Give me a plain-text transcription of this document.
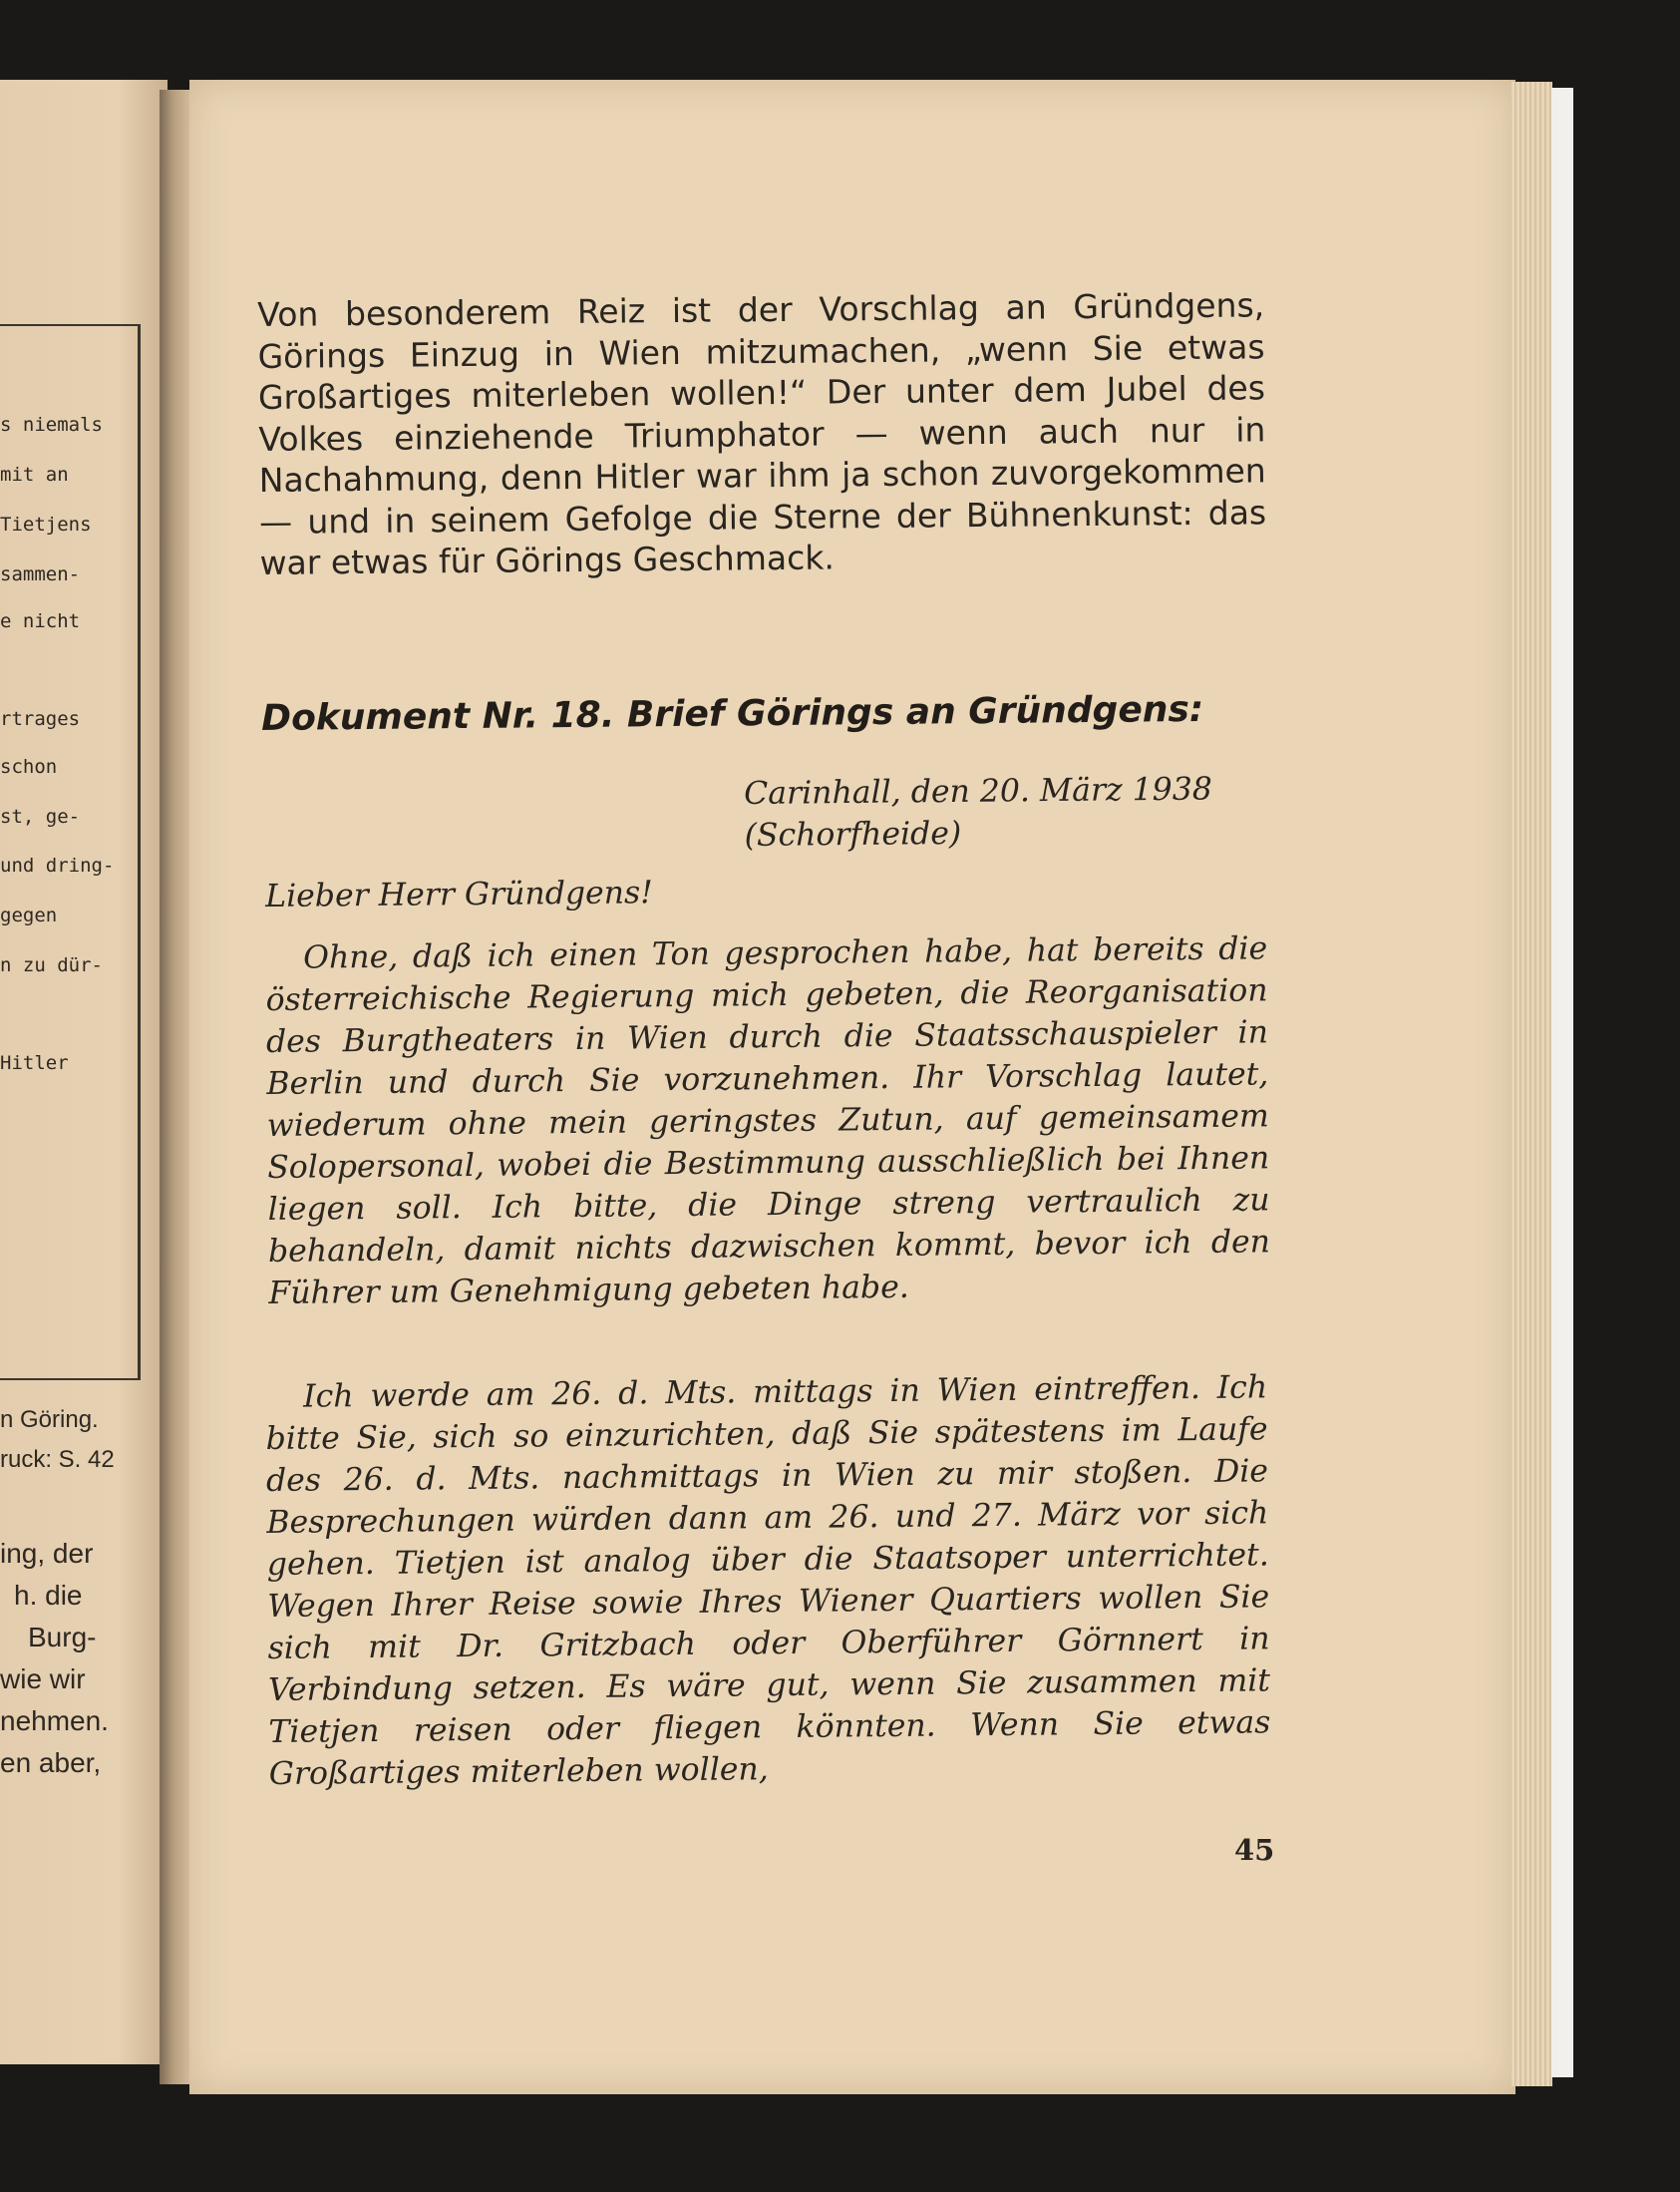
s niemals
mit an
Tietjens
sammen-
e nicht
rtrages
schon
st, ge-
und dring-
gegen
n zu dür-
Hitler
n Göring.
ruck: S. 42
ing, der
h. die
Burg-
wie wir
nehmen.
en aber,

Von besonderem Reiz ist der Vorschlag an Gründgens, Görings Einzug in Wien mitzumachen, „wenn Sie etwas Großartiges miterleben wollen!“ Der unter dem Jubel des Volkes einziehende Triumphator — wenn auch nur in Nachahmung, denn Hitler war ihm ja schon zuvorgekommen — und in seinem Gefolge die Sterne der Bühnenkunst: das war etwas für Görings Geschmack.

Dokument Nr. 18. Brief Görings an Gründgens:
Carinhall, den 20. März 1938
(Schorfheide)
Lieber Herr Gründgens!

Ohne, daß ich einen Ton gesprochen habe, hat bereits die österreichische Regierung mich gebeten, die Reorganisation des Burgtheaters in Wien durch die Staatsschauspieler in Berlin und durch Sie vorzunehmen. Ihr Vorschlag lautet, wiederum ohne mein geringstes Zutun, auf gemeinsamem Solopersonal, wobei die Bestimmung ausschließlich bei Ihnen liegen soll. Ich bitte, die Dinge streng vertraulich zu behandeln, damit nichts dazwischen kommt, bevor ich den Führer um Genehmigung gebeten habe.

Ich werde am 26. d. Mts. mittags in Wien eintreffen. Ich bitte Sie, sich so einzurichten, daß Sie spätestens im Laufe des 26. d. Mts. nachmittags in Wien zu mir stoßen. Die Besprechungen würden dann am 26. und 27. März vor sich gehen. Tietjen ist analog über die Staatsoper unterrichtet. Wegen Ihrer Reise sowie Ihres Wiener Quartiers wollen Sie sich mit Dr. Gritzbach oder Oberführer Görnnert in Verbindung setzen. Es wäre gut, wenn Sie zusammen mit Tietjen reisen oder fliegen könnten. Wenn Sie etwas Großartiges miterleben wollen,

45
